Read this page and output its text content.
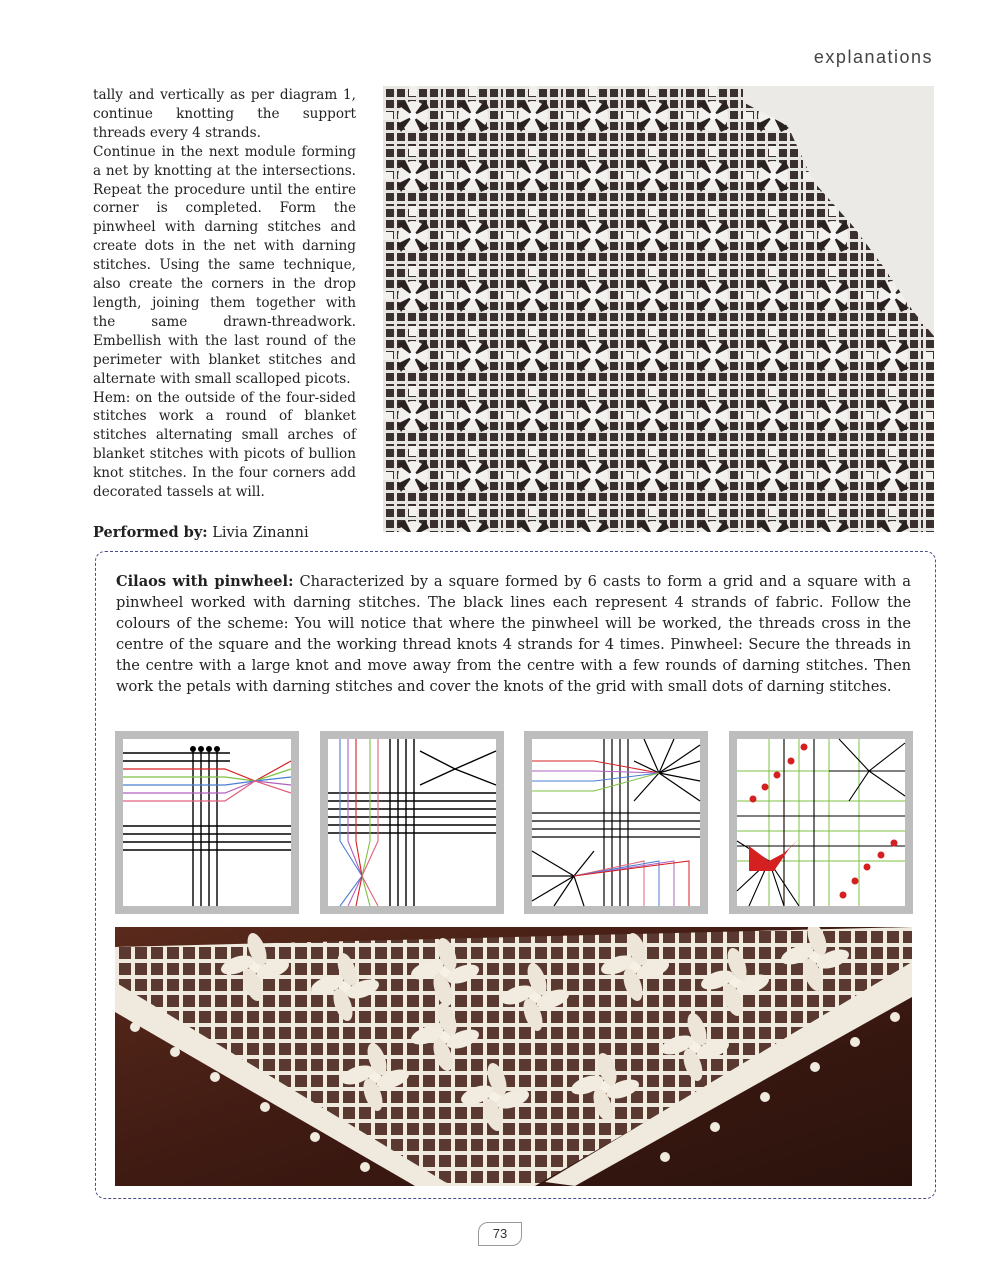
explanations

tally and vertically as per diagram 1, continue knotting the support threads every 4 strands.

Continue in the next module forming a net by knotting at the intersections. Repeat the procedure until the entire corner is completed. Form the pinwheel with darning stitches and create dots in the net with darning stitches. Using the same technique, also create the corners in the drop length, joining them together with the same drawn-threadwork. Embellish with the last round of the perimeter with blanket stitches and alternate with small scalloped picots.

Hem: on the outside of the four-sided stitches work a round of blanket stitches alternating small arches of blanket stitches with picots of bullion knot stitches. In the four corners add decorated tassels at will.

Performed by: Livia Zinanni
Cilaos with pinwheel: Characterized by a square formed by 6 casts to form a grid and a square with a pinwheel worked with darning stitches. The black lines each represent 4 strands of fabric. Follow the colours of the scheme: You will notice that where the pinwheel will be worked, the threads cross in the centre of the square and the working thread knots 4 strands for 4 times. Pinwheel: Secure the threads in the centre with a large knot and move away from the centre with a few rounds of darning stitches. Then work the petals with darning stitches and cover the knots of the grid with small dots of darning stitches.
73
